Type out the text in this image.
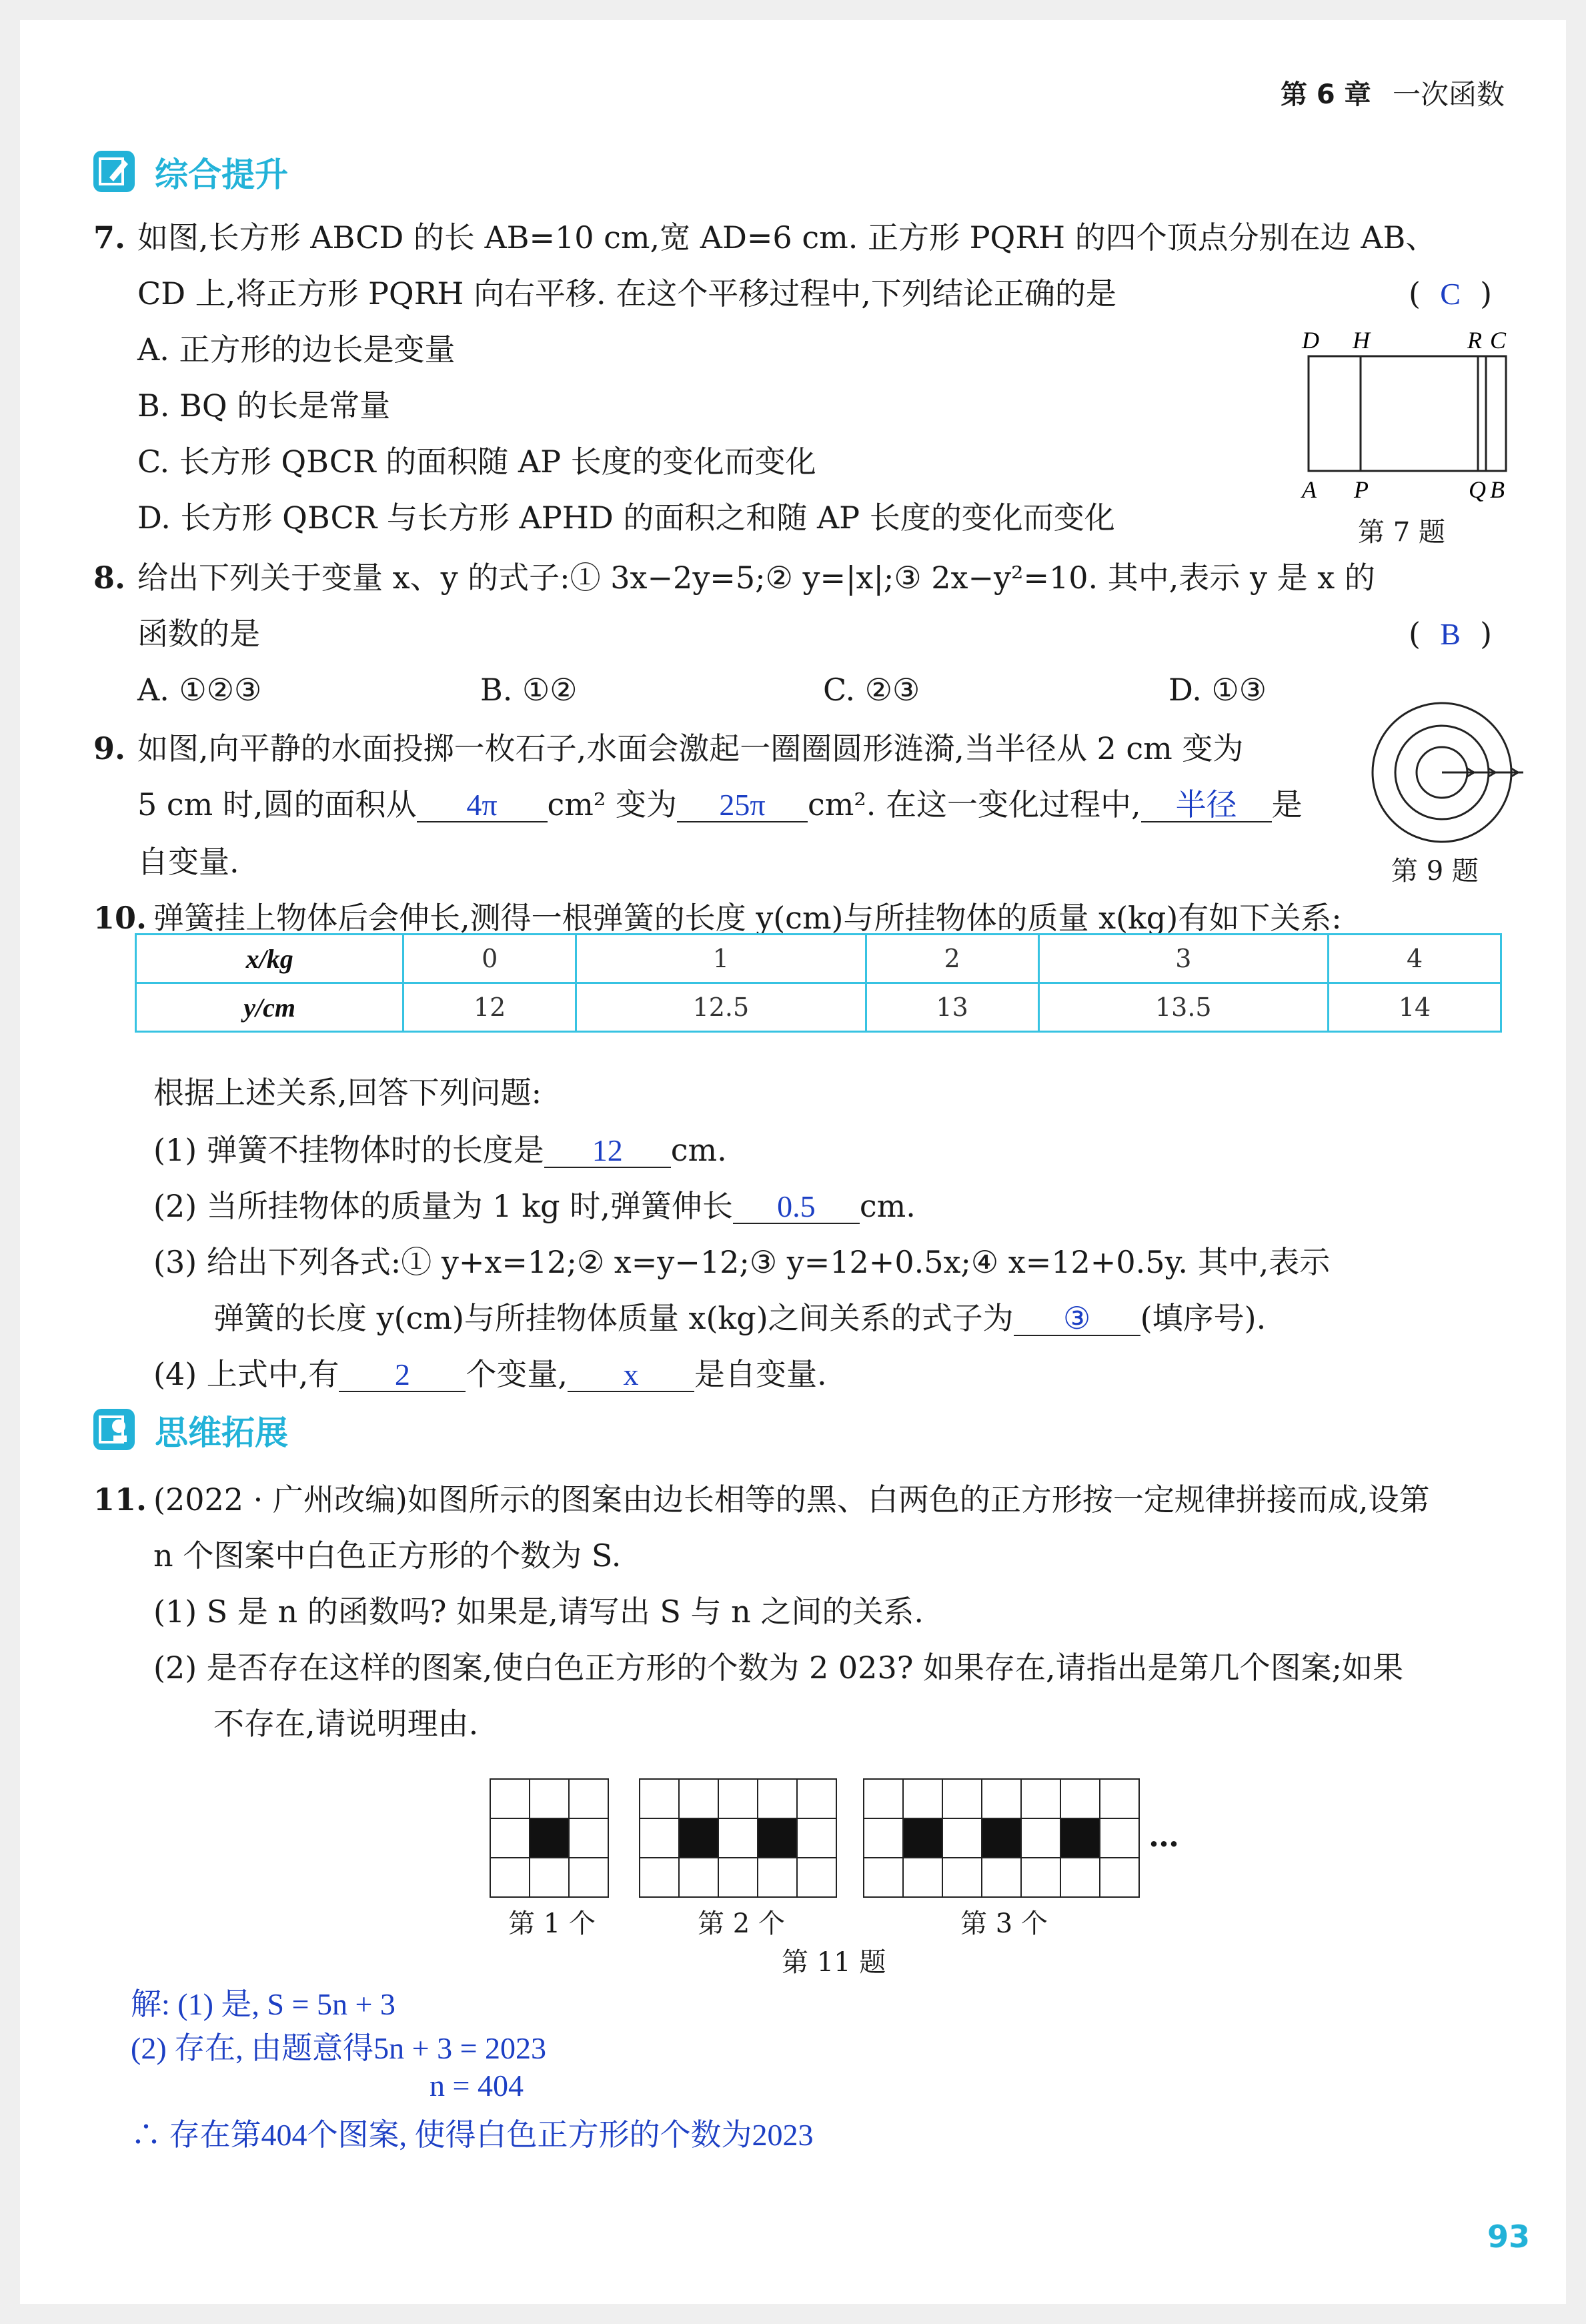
第 6 章 一次函数
综合提升
7. 如图,长方形 ABCD 的长 AB=10 cm,宽 AD=6 cm. 正方形 PQRH 的四个顶点分别在边 AB、
CD 上,将正方形 PQRH 向右平移. 在这个平移过程中,下列结论正确的是	(  C  )
A. 正方形的边长是变量
B. BQ 的长是常量
C. 长方形 QBCR 的面积随 AP 长度的变化而变化
D. 长方形 QBCR 与长方形 APHD 的面积之和随 AP 长度的变化而变化
D H	R C
A P	Q B
第 7 题
8. 给出下列关于变量 x、y 的式子:① 3x−2y=5;② y=|x|;③ 2x−y²=10. 其中,表示 y 是 x 的
函数的是	(  B  )
A. ①②③	B. ①②	C. ②③	D. ①③
9. 如图,向平静的水面投掷一枚石子,水面会激起一圈圈圆形涟漪,当半径从 2 cm 变为
5 cm 时,圆的面积从 4π cm² 变为 25π cm². 在这一变化过程中, 半径 是
自变量.	第 9 题
10. 弹簧挂上物体后会伸长,测得一根弹簧的长度 y(cm)与所挂物体的质量 x(kg)有如下关系:
x/kg	0	1	2	3	4
y/cm	12	12.5	13	13.5	14
根据上述关系,回答下列问题:
(1) 弹簧不挂物体时的长度是 12 cm.
(2) 当所挂物体的质量为 1 kg 时,弹簧伸长 0.5 cm.
(3) 给出下列各式:① y+x=12;② x=y−12;③ y=12+0.5x;④ x=12+0.5y. 其中,表示
弹簧的长度 y(cm)与所挂物体质量 x(kg)之间关系的式子为 ③ (填序号).
(4) 上式中,有 2 个变量, x 是自变量.
思维拓展
11. (2022 · 广州改编)如图所示的图案由边长相等的黑、白两色的正方形按一定规律拼接而成,设第
n 个图案中白色正方形的个数为 S.
(1) S 是 n 的函数吗? 如果是,请写出 S 与 n 之间的关系.
(2) 是否存在这样的图案,使白色正方形的个数为 2 023? 如果存在,请指出是第几个图案;如果
不存在,请说明理由.
…
第 1 个	第 2 个	第 3 个
第 11 题
解: (1) 是, S = 5n + 3
(2) 存在, 由题意得5n + 3 = 2023
n = 404
∴ 存在第404个图案, 使得白色正方形的个数为2023
93
